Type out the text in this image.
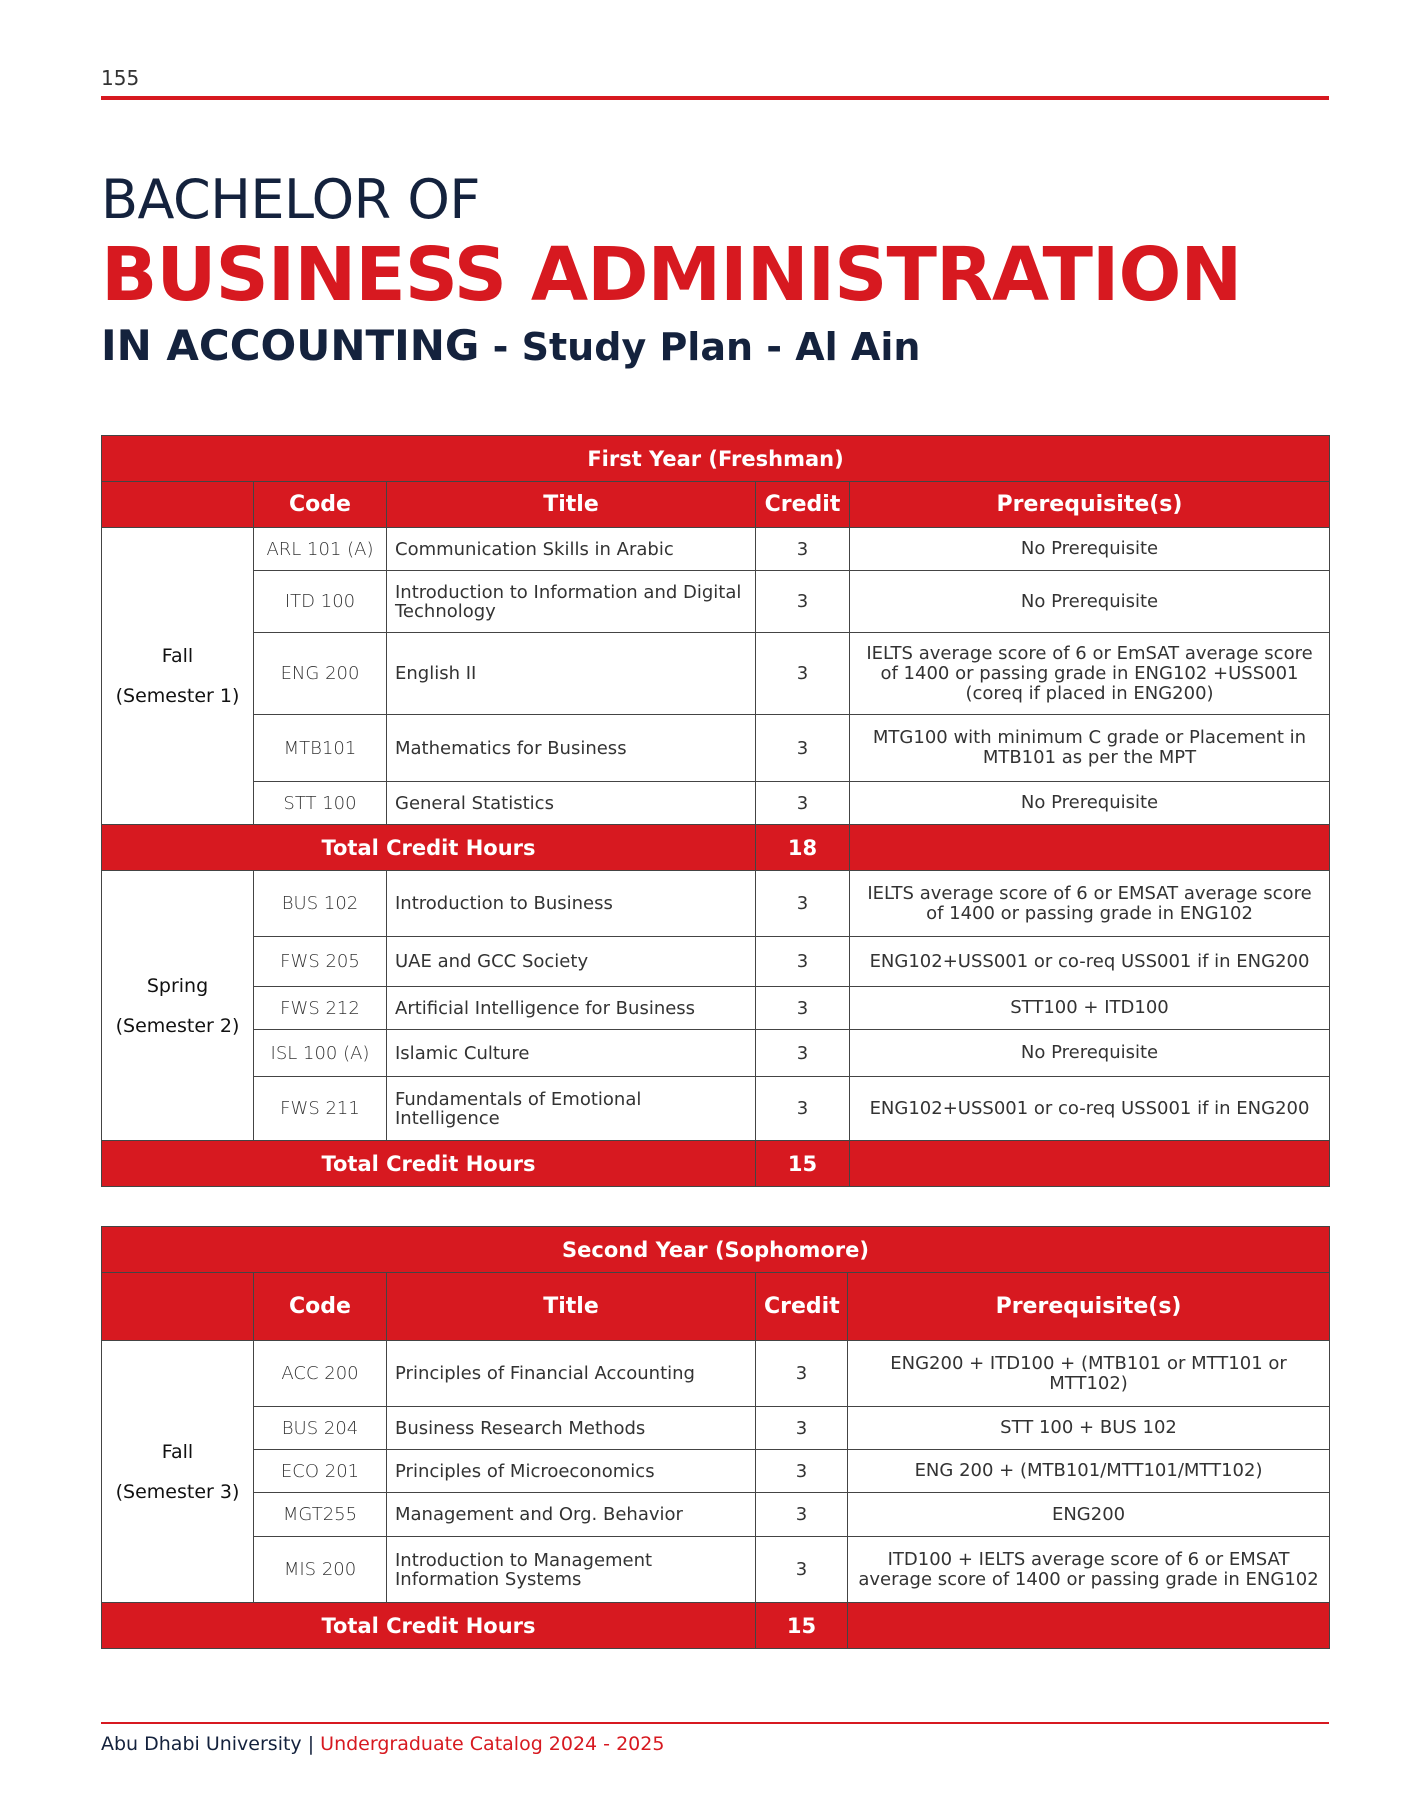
155
BACHELOR OF
BUSINESS ADMINISTRATION
IN ACCOUNTING - Study Plan - Al Ain
First Year (Freshman)				
	Code	Title	Credit	Prerequisite(s)

Fall
(Semester 1)	ARL 101 (A)	Communication Skills in Arabic	3	No Prerequisite
	ITD 100	Introduction to Information and Digital Technology	3	No Prerequisite
	ENG 200	English II	3	IELTS average score of 6 or EmSAT average score of 1400 or passing grade in ENG102 +USS001 (coreq if placed in ENG200)
	MTB101	Mathematics for Business	3	MTG100 with minimum C grade or Placement in MTB101 as per the MPT
	STT 100	General Statistics	3	No Prerequisite
Total Credit Hours			18	

Spring
(Semester 2)	BUS 102	Introduction to Business	3	IELTS average score of 6 or EMSAT average score of 1400 or passing grade in ENG102
	FWS 205	UAE and GCC Society	3	ENG102+USS001 or co-req USS001 if in ENG200
	FWS 212	Artificial Intelligence for Business	3	STT100 + ITD100
	ISL 100 (A)	Islamic Culture	3	No Prerequisite
	FWS 211	Fundamentals of Emotional Intelligence	3	ENG102+USS001 or co-req USS001 if in ENG200
Total Credit Hours			15	
Second Year (Sophomore)				
	Code	Title	Credit	Prerequisite(s)

Fall
(Semester 3)	ACC 200	Principles of Financial Accounting	3	ENG200 + ITD100 + (MTB101 or MTT101 or MTT102)
	BUS 204	Business Research Methods	3	STT 100 + BUS 102
	ECO 201	Principles of Microeconomics	3	ENG 200 + (MTB101/MTT101/MTT102)
	MGT255	Management and Org. Behavior	3	ENG200
	MIS 200	Introduction to Management Information Systems	3	ITD100 + IELTS average score of 6 or EMSAT average score of 1400 or passing grade in ENG102
Total Credit Hours			15	
Abu Dhabi University | Undergraduate Catalog 2024 - 2025
